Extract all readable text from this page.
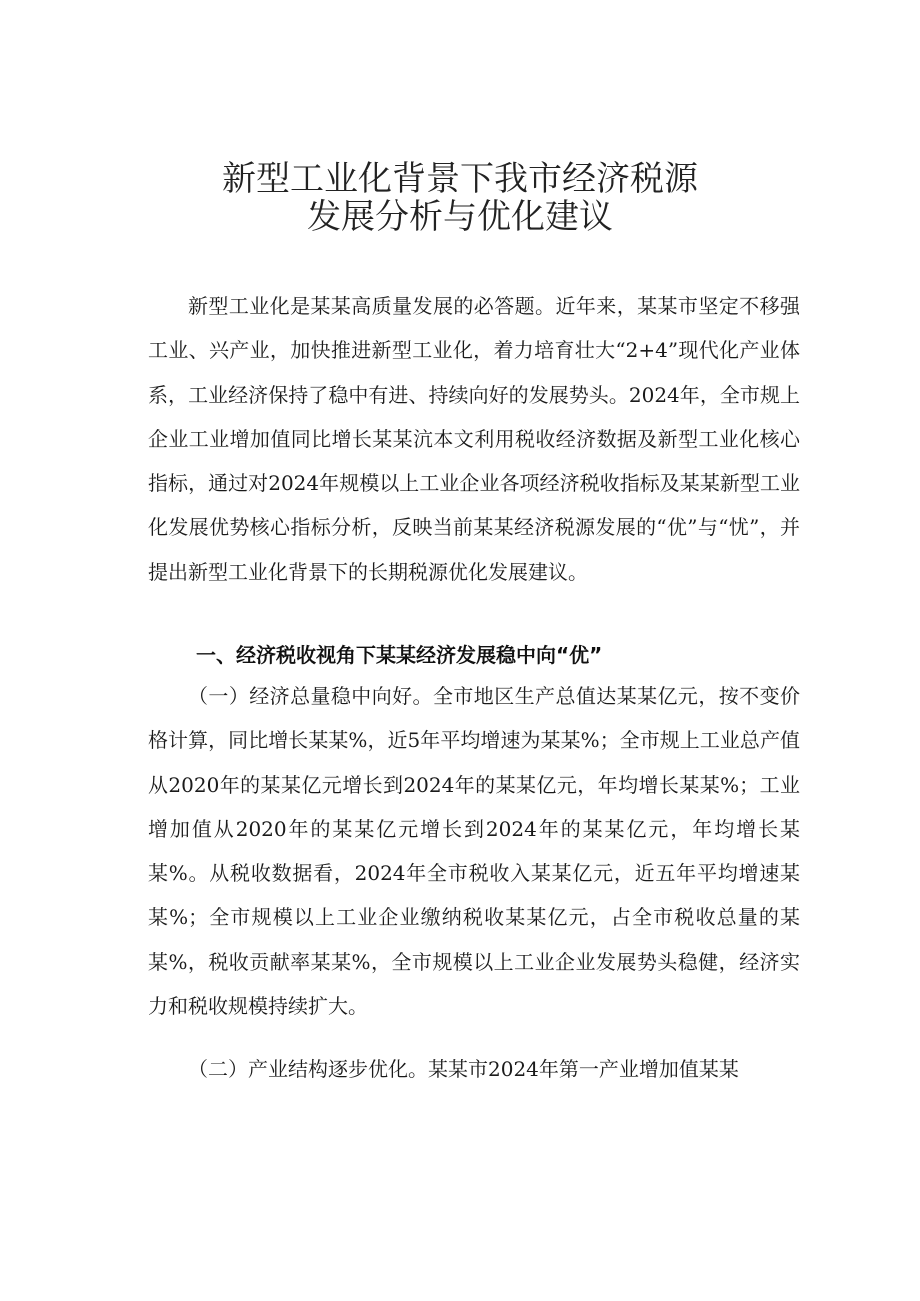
新型工业化背景下我市经济税源
发展分析与优化建议

新型工业化是某某高质量发展的必答题。近年来，某某市坚定不移强工业、兴产业，加快推进新型工业化，着力培育壮大“2+4”现代化产业体系，工业经济保持了稳中有进、持续向好的发展势头。2024年，全市规上企业工业增加值同比增长某某沆本文利用税收经济数据及新型工业化核心指标，通过对2024年规模以上工业企业各项经济税收指标及某某新型工业化发展优势核心指标分析，反映当前某某经济税源发展的“优”与“忧”，并提出新型工业化背景下的长期税源优化发展建议。

一、经济税收视角下某某经济发展稳中向“优”

（一）经济总量稳中向好。全市地区生产总值达某某亿元，按不变价格计算，同比增长某某%，近5年平均增速为某某%；全市规上工业总产值从2020年的某某亿元增长到2024年的某某亿元，年均增长某某%；工业增加值从2020年的某某亿元增长到2024年的某某亿元，年均增长某某%。从税收数据看，2024年全市税收入某某亿元，近五年平均增速某某%；全市规模以上工业企业缴纳税收某某亿元，占全市税收总量的某某%，税收贡献率某某%，全市规模以上工业企业发展势头稳健，经济实力和税收规模持续扩大。

（二）产业结构逐步优化。某某市2024年第一产业增加值某某
